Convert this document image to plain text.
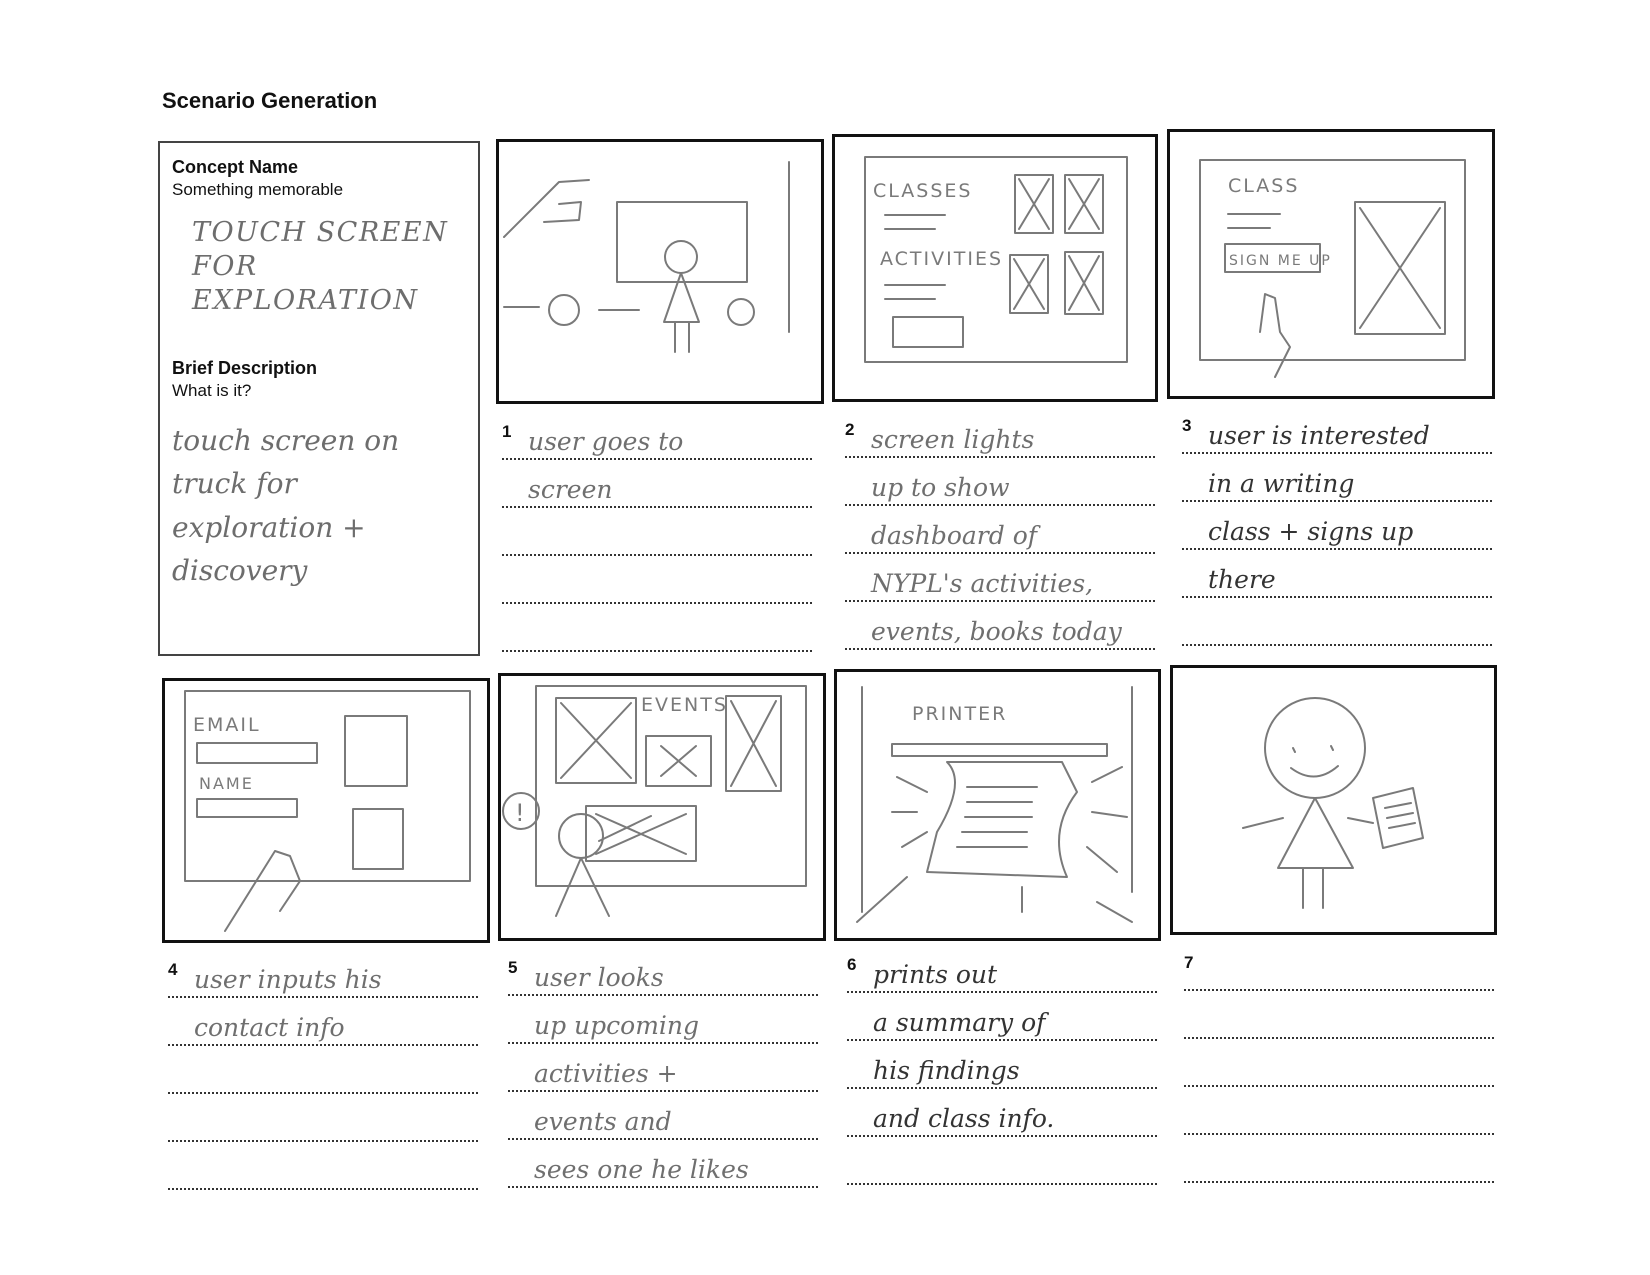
Scenario Generation
Concept Name
Something memorable
TOUCH SCREEN FOR EXPLORATION
Brief Description
What is it?
touch screen on truck for exploration + discovery
CLASSES
ACTIVITIES
CLASS
SIGN ME UP
EMAIL
NAME
EVENTS
!
PRINTER
1 user goes to
screen
2 screen lights
up to show
dashboard of
NYPL's activities,
events, books today
3 user is interested
in a writing
class + signs up
there
4 user inputs his
contact info
5 user looks
up upcoming
activities +
events and
sees one he likes
6 prints out
a summary of
his findings
and class info.
7
